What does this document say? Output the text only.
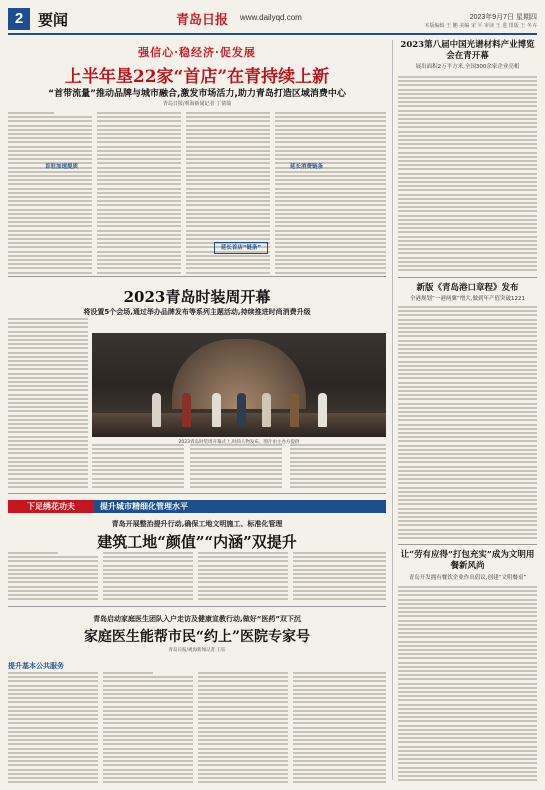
2 要闻	青岛日报 www.dailyqd.com	2023年9月7日 星期四
本版编辑 王 鹏 美编 宋 平 审读 王 进 排版 王 冬卉
强信心·稳经济·促发展
上半年垦22家“首店”在青持续上新
“首带流量”推动品牌与城市融合,激发市场活力,助力青岛打造区域消费中心
青岛日报/观海新闻记者 丁倩瑞
首驻加速提质	延长消费链条
延长首店“链条”
2023第八届中国光谱材料产业博览会在青开幕
展出面积2万平方米,全国300余家企业亮相
新版《青岛港口章程》发布
全港规划“一港两翼”增大,做到年产值突破1221
让“劳有应得”打包充实”成为文明用餐新风尚
青岛开发拥有餐饮企业作出倡议,创建“文明餐桌”
2023青岛时装周开幕
将设置5个会场,通过举办品牌发布等系列主题活动,持续推进时尚消费升级
2023青岛时装周开幕式上,时尚人物发布。图片由主办方提供
下足绣花功夫	提升城市精细化管理水平
青岛开展整治提升行动,确保工地文明施工、标准化管理
建筑工地“颜值”“内涵”双提升
青岛启动家庭医生团队入户走访及健康宣教行动,做好“医药”双下沉
家庭医生能帮市民“约上”医院专家号
青岛日报/观海新闻记者 王钰
提升基本公共服务
